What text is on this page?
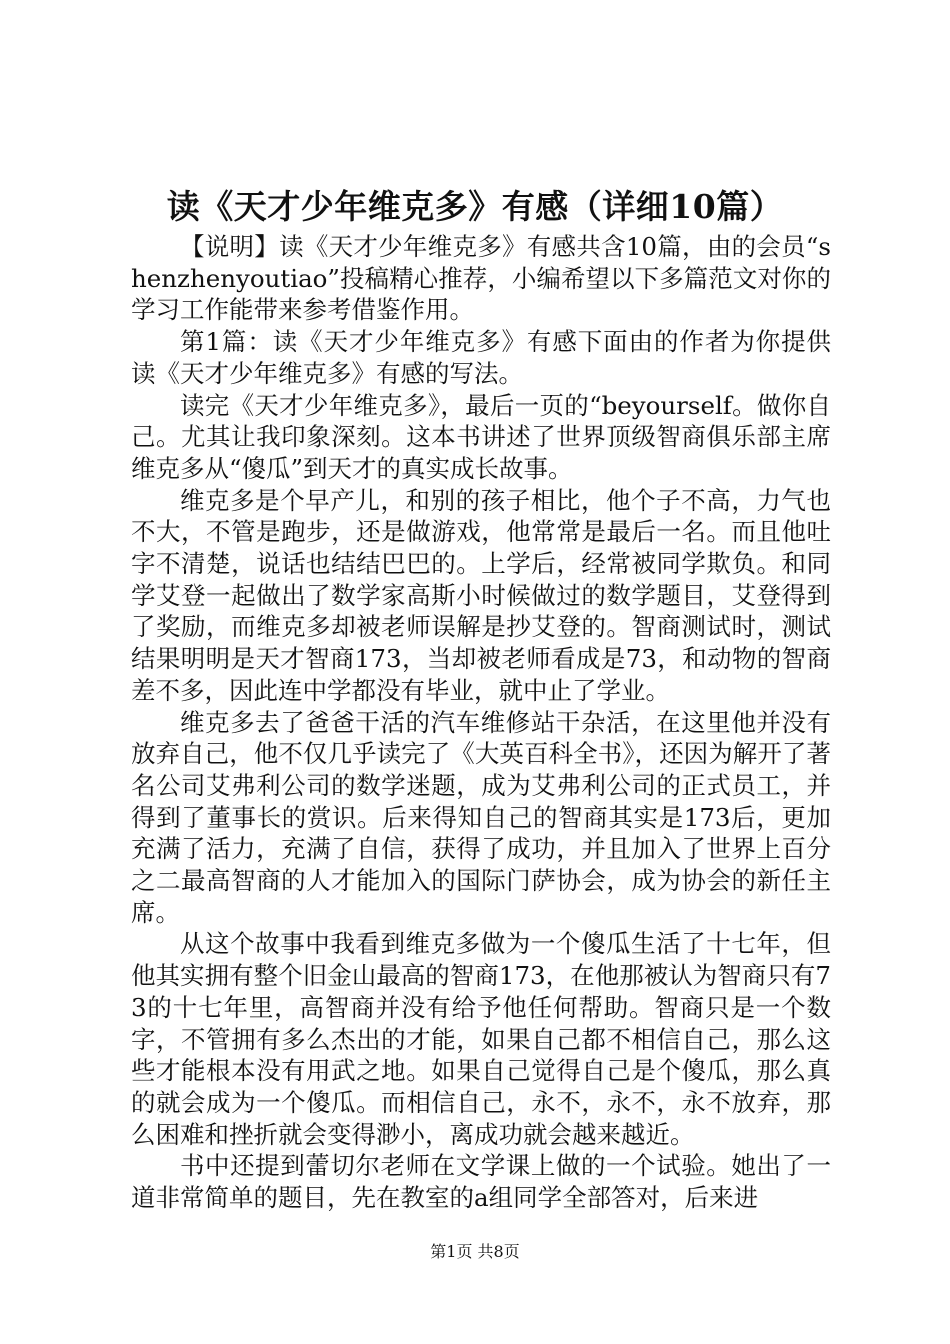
读《天才少年维克多》有感（详细10篇）

【说明】读《天才少年维克多》有感共含10篇，由的会员“shenzhenyoutiao”投稿精心推荐，小编希望以下多篇范文对你的学习工作能带来参考借鉴作用。

第1篇：读《天才少年维克多》有感下面由的作者为你提供读《天才少年维克多》有感的写法。

读完《天才少年维克多》，最后一页的“beyourself。做你自己。尤其让我印象深刻。这本书讲述了世界顶级智商俱乐部主席维克多从“傻瓜”到天才的真实成长故事。

维克多是个早产儿，和别的孩子相比，他个子不高，力气也不大，不管是跑步，还是做游戏，他常常是最后一名。而且他吐字不清楚，说话也结结巴巴的。上学后，经常被同学欺负。和同学艾登一起做出了数学家高斯小时候做过的数学题目，艾登得到了奖励，而维克多却被老师误解是抄艾登的。智商测试时，测试结果明明是天才智商173，当却被老师看成是73，和动物的智商差不多，因此连中学都没有毕业，就中止了学业。

维克多去了爸爸干活的汽车维修站干杂活，在这里他并没有放弃自己，他不仅几乎读完了《大英百科全书》，还因为解开了著名公司艾弗利公司的数学迷题，成为艾弗利公司的正式员工，并得到了董事长的赏识。后来得知自己的智商其实是173后，更加充满了活力，充满了自信，获得了成功，并且加入了世界上百分之二最高智商的人才能加入的国际门萨协会，成为协会的新任主席。

从这个故事中我看到维克多做为一个傻瓜生活了十七年，但他其实拥有整个旧金山最高的智商173，在他那被认为智商只有73的十七年里，高智商并没有给予他任何帮助。智商只是一个数字，不管拥有多么杰出的才能，如果自己都不相信自己，那么这些才能根本没有用武之地。如果自己觉得自己是个傻瓜，那么真的就会成为一个傻瓜。而相信自己，永不，永不，永不放弃，那么困难和挫折就会变得渺小，离成功就会越来越近。

书中还提到蕾切尔老师在文学课上做的一个试验。她出了一道非常简单的题目，先在教室的a组同学全部答对，后来进

第1页 共8页
